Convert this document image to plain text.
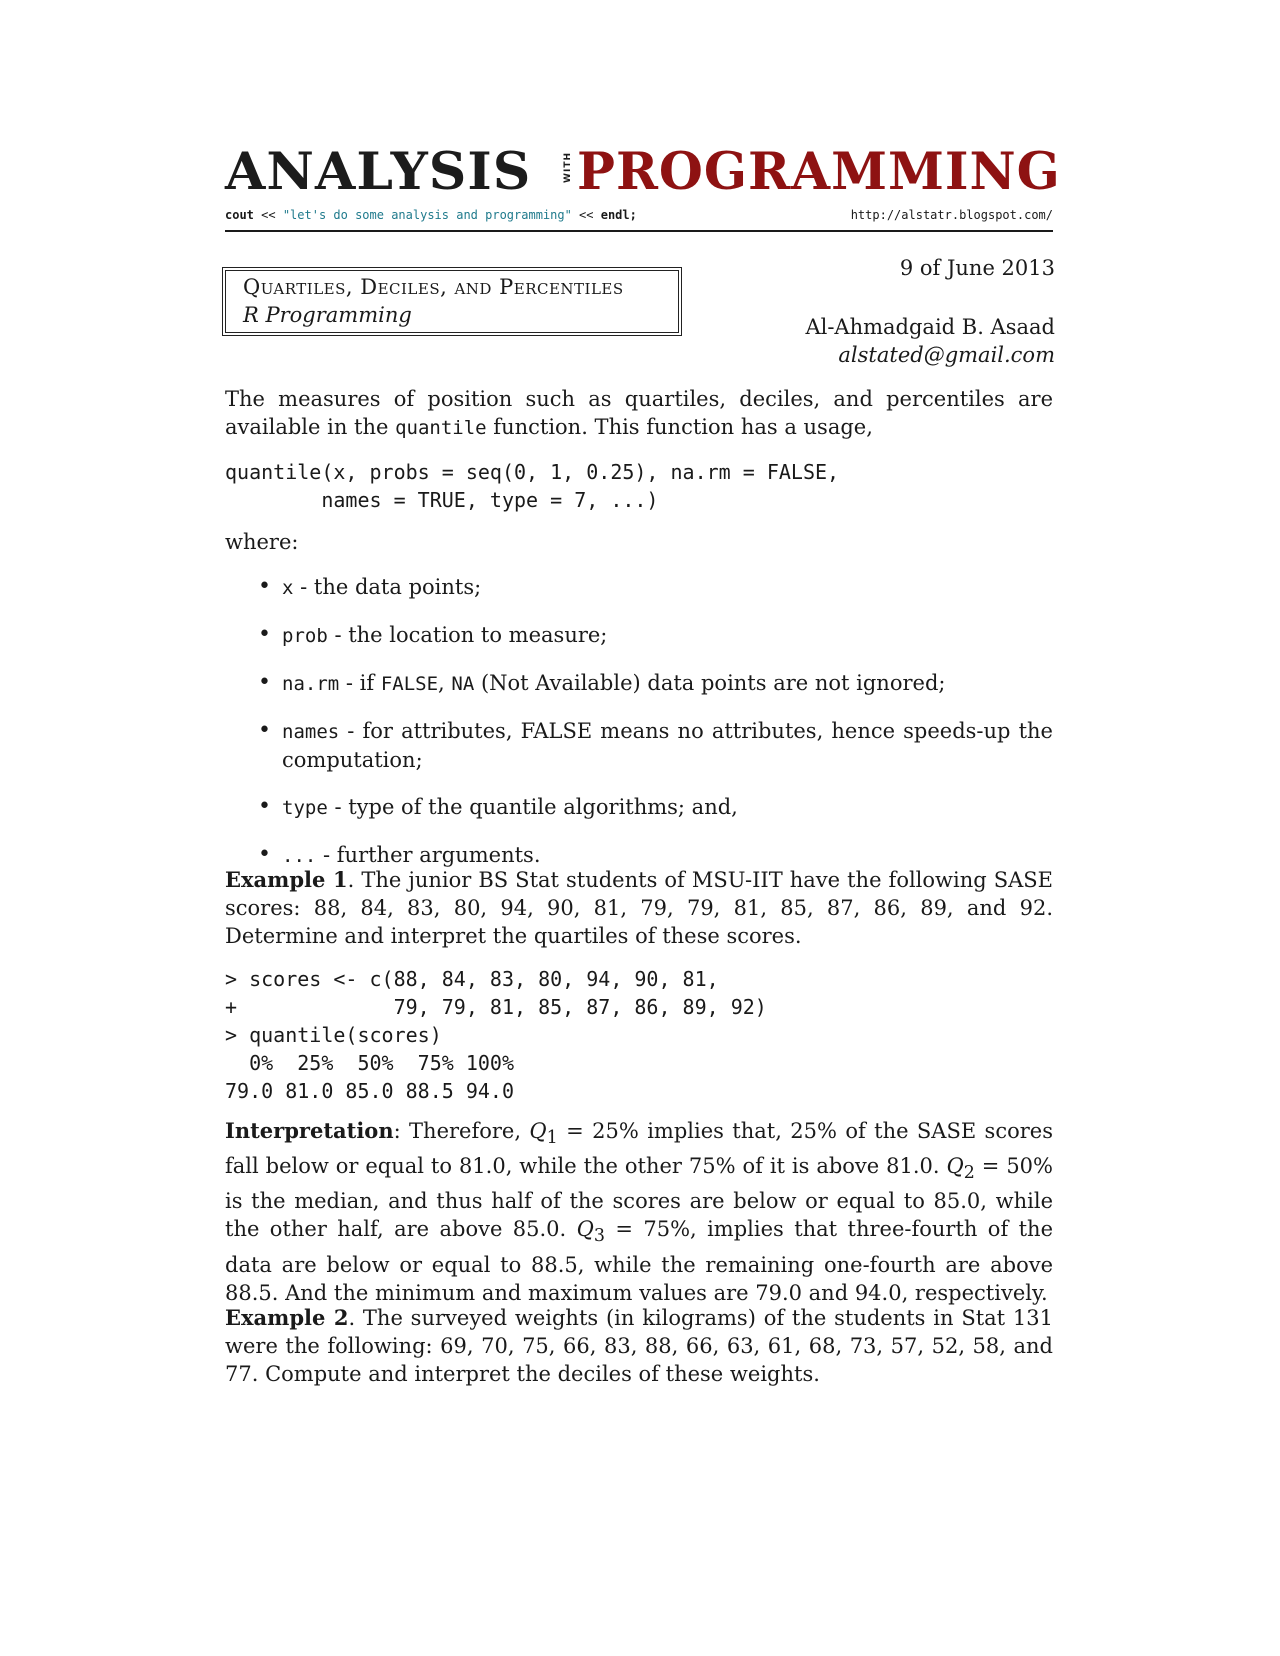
ANALYSIS	WITH PROGRAMMING
cout << "let's do some analysis and programming" << endl;	http://alstatr.blogspot.com/
Quartiles, Deciles, and Percentiles
R Programming
9 of June 2013
Al-Ahmadgaid B. Asaad
alstated@gmail.com
The measures of position such as quartiles, deciles, and percentiles are available in the quantile function. This function has a usage,
quantile(x, probs = seq(0, 1, 0.25), na.rm = FALSE,
names = TRUE, type = 7, ...)
where:
• x - the data points;
• prob - the location to measure;
• na.rm - if FALSE, NA (Not Available) data points are not ignored;
• names - for attributes, FALSE means no attributes, hence speeds-up the computation;
• type - type of the quantile algorithms; and,
• ... - further arguments.
Example 1. The junior BS Stat students of MSU-IIT have the following SASE scores: 88, 84, 83, 80, 94, 90, 81, 79, 79, 81, 85, 87, 86, 89, and 92. Determine and interpret the quartiles of these scores.
> scores <- c(88, 84, 83, 80, 94, 90, 81,
+             79, 79, 81, 85, 87, 86, 89, 92)
> quantile(scores)
0%  25%  50%  75% 100%
79.0 81.0 85.0 88.5 94.0
Interpretation: Therefore, $Q_1 = 25\%$ implies that, 25% of the SASE scores fall below or equal to 81.0, while the other 75% of it is above 81.0. $Q_2 = 50\%$ is the median, and thus half of the scores are below or equal to 85.0, while the other half, are above 85.0. $Q_3 = 75\%$, implies that three-fourth of the data are below or equal to 88.5, while the remaining one-fourth are above 88.5. And the minimum and maximum values are 79.0 and 94.0, respectively.
Example 2. The surveyed weights (in kilograms) of the students in Stat 131 were the following: 69, 70, 75, 66, 83, 88, 66, 63, 61, 68, 73, 57, 52, 58, and 77. Compute and interpret the deciles of these weights.
